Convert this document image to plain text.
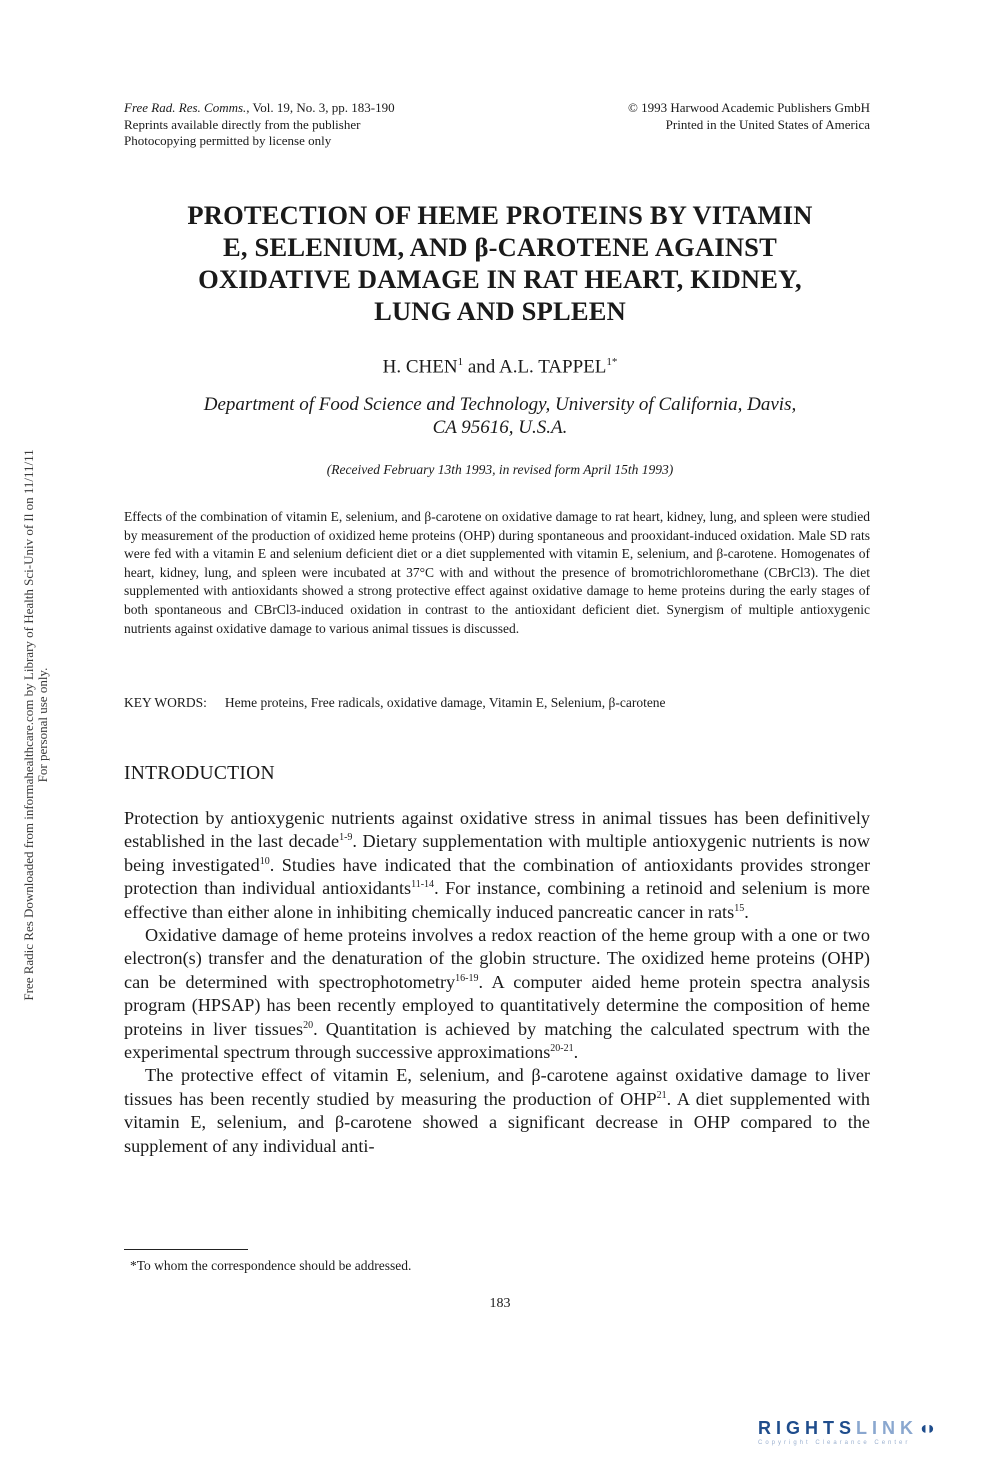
Free Rad. Res. Comms., Vol. 19, No. 3, pp. 183-190
Reprints available directly from the publisher
Photocopying permitted by license only
© 1993 Harwood Academic Publishers GmbH
Printed in the United States of America
PROTECTION OF HEME PROTEINS BY VITAMIN
E, SELENIUM, AND β-CAROTENE AGAINST
OXIDATIVE DAMAGE IN RAT HEART, KIDNEY,
LUNG AND SPLEEN
H. CHEN$^1$ and A.L. $TAPPEL^{1*}$
Department of Food Science and Technology, University of California, Davis,
CA 95616, U.S.A.
(Received February 13th 1993, in revised form April 15th 1993)
Effects of the combination of vitamin E, selenium, and β-carotene on oxidative damage to rat heart, kidney, lung, and spleen were studied by measurement of the production of oxidized heme proteins (OHP) during spontaneous and prooxidant-induced oxidation. Male SD rats were fed with a vitamin E and selenium deficient diet or a diet supplemented with vitamin E, selenium, and β-carotene. Homogenates of heart, kidney, lung, and spleen were incubated at 37°C with and without the presence of bromotrichloromethane (CBrCl3). The diet supplemented with antioxidants showed a strong protective effect against oxidative damage to heme proteins during the early stages of both spontaneous and CBrCl3-induced oxidation in contrast to the antioxidant deficient diet. Synergism of multiple antioxygenic nutrients against oxidative damage to various animal tissues is discussed.
KEY WORDS: Heme proteins, Free radicals, oxidative damage, Vitamin E, Selenium, β-carotene
INTRODUCTION

Protection by antioxygenic nutrients against oxidative stress in animal tissues has been definitively established in the last decade$^{1-9}$. Dietary supplementation with multiple antioxygenic nutrients is now being investigated$^{10}$. Studies have indicated that the combination of antioxidants provides stronger protection than individual antioxidants$^{11-14}$. For instance, combining a retinoid and selenium is more effective than either alone in inhibiting chemically induced pancreatic cancer in rats$^{15}$.

Oxidative damage of heme proteins involves a redox reaction of the heme group with a one or two electron(s) transfer and the denaturation of the globin structure. The oxidized heme proteins (OHP) can be determined with spectrophotometry$^{16-19}$. A computer aided heme protein spectra analysis program (HPSAP) has been recently employed to quantitatively determine the composition of heme proteins in liver tissues$^{20}$. Quantitation is achieved by matching the calculated spectrum with the experimental spectrum through successive approximations$^{20-21}$.

The protective effect of vitamin E, selenium, and β-carotene against oxidative damage to liver tissues has been recently studied by measuring the production of OHP$^{21}$. A diet supplemented with vitamin E, selenium, and β-carotene showed a significant decrease in OHP compared to the supplement of any individual anti-

*To whom the correspondence should be addressed.
183
Free Radic Res Downloaded from informahealthcare.com by Library of Health Sci-Univ of Il on 11/11/11 For personal use only.
RIGHTSLINK◖◗
Copyright Clearance Center
